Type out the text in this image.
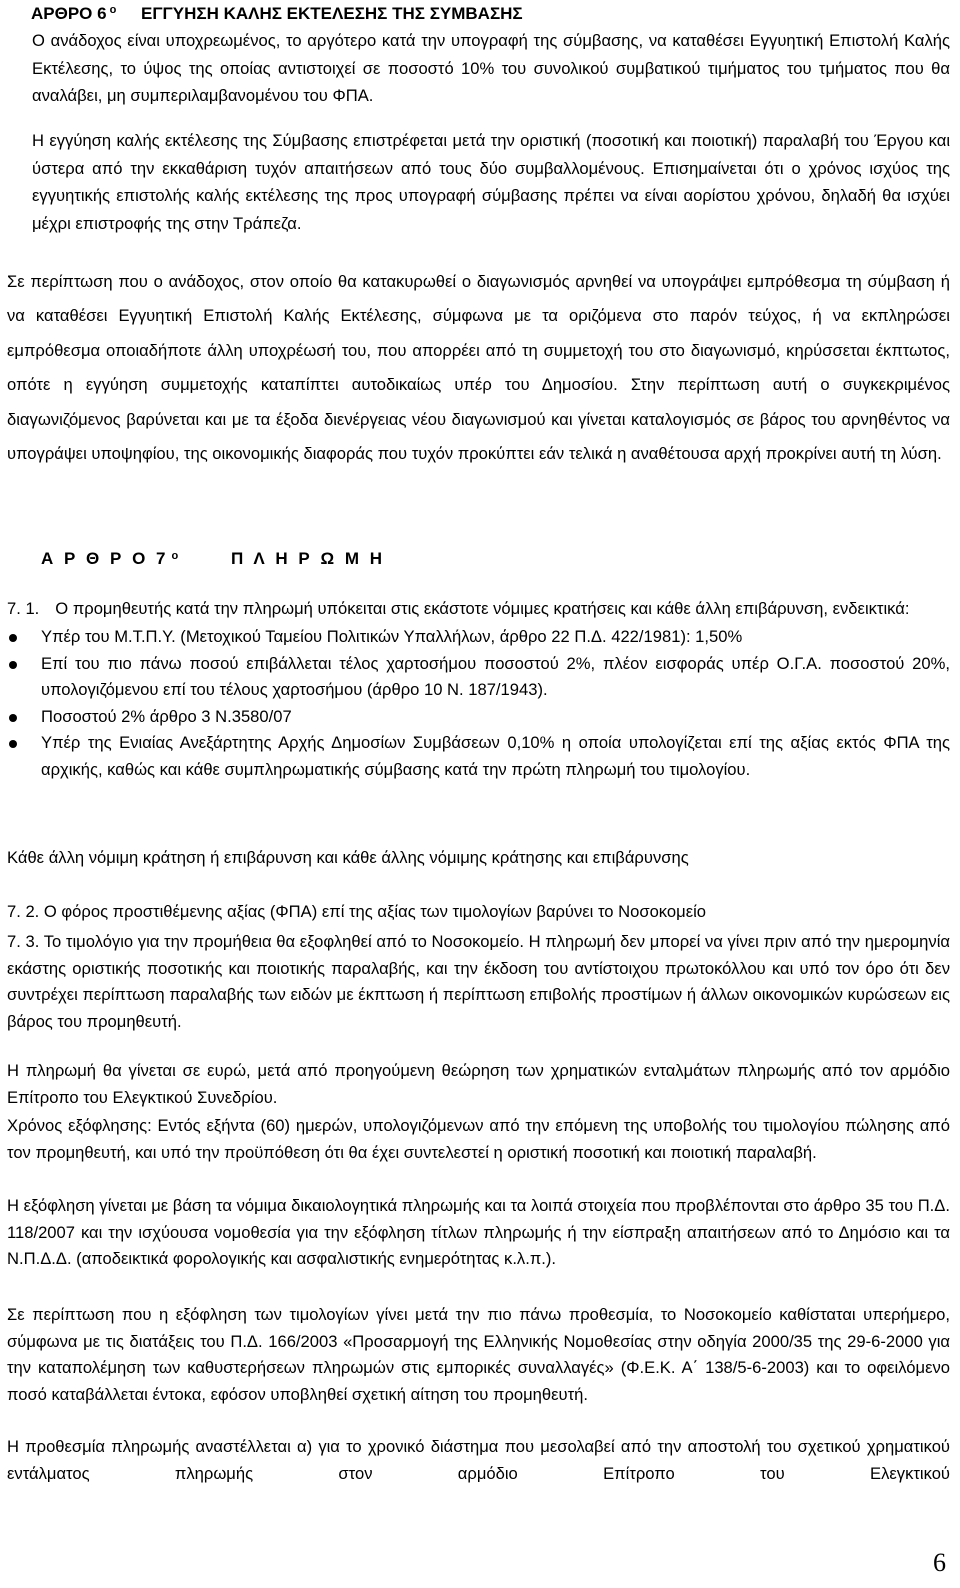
ΑΡΘΡΟ 6 $^o$ ΕΓΓΥΗΣΗ ΚΑΛΗΣ ΕΚΤΕΛΕΣΗΣ ΤΗΣ ΣΥΜΒΑΣΗΣ
Ο ανάδοχος είναι υποχρεωμένος, το αργότερο κατά την υπογραφή της σύμβασης, να καταθέσει Εγγυητική Επιστολή Καλής Εκτέλεσης, το ύψος της οποίας αντιστοιχεί σε ποσοστό 10% του συνολικού συμβατικού τιμήματος του τμήματος που θα αναλάβει, μη συμπεριλαμβανομένου του ΦΠΑ.
Η εγγύηση καλής εκτέλεσης της Σύμβασης επιστρέφεται μετά την οριστική (ποσοτική και ποιοτική) παραλαβή του Έργου και ύστερα από την εκκαθάριση τυχόν απαιτήσεων από τους δύο συμβαλλομένους. Επισημαίνεται ότι ο χρόνος ισχύος της εγγυητικής επιστολής καλής εκτέλεσης της προς υπογραφή σύμβασης πρέπει να είναι αορίστου χρόνου, δηλαδή θα ισχύει μέχρι επιστροφής της στην Τράπεζα.
Σε περίπτωση που ο ανάδοχος, στον οποίο θα κατακυρωθεί ο διαγωνισμός αρνηθεί να υπογράψει εμπρόθεσμα τη σύμβαση ή να καταθέσει Εγγυητική Επιστολή Καλής Εκτέλεσης, σύμφωνα με τα οριζόμενα στο παρόν τεύχος, ή να εκπληρώσει εμπρόθεσμα οποιαδήποτε άλλη υποχρέωσή του, που απορρέει από τη συμμετοχή του στο διαγωνισμό, κηρύσσεται έκπτωτος, οπότε η εγγύηση συμμετοχής καταπίπτει αυτοδικαίως υπέρ του Δημοσίου. Στην περίπτωση αυτή ο συγκεκριμένος διαγωνιζόμενος βαρύνεται και με τα έξοδα διενέργειας νέου διαγωνισμού και γίνεται καταλογισμός σε βάρος του αρνηθέντος να υπογράψει υποψηφίου, της οικονομικής διαφοράς που τυχόν προκύπτει εάν τελικά η αναθέτουσα αρχή προκρίνει αυτή τη λύση.
Α Ρ Θ Ρ Ο 7 $^o$	Π Λ Η Ρ Ω Μ Η
7. 1. Ο προμηθευτής κατά την πληρωμή υπόκειται στις εκάστοτε νόμιμες κρατήσεις και κάθε άλλη επιβάρυνση, ενδεικτικά:
Υπέρ του Μ.Τ.Π.Υ. (Μετοχικού Ταμείου Πολιτικών Υπαλλήλων, άρθρο 22 Π.Δ. 422/1981): 1,50%
Επί του πιο πάνω ποσού επιβάλλεται τέλος χαρτοσήμου ποσοστού 2%, πλέον εισφοράς υπέρ Ο.Γ.Α. ποσοστού 20%, υπολογιζόμενου επί του τέλους χαρτοσήμου (άρθρο 10 Ν. 187/1943).
Ποσοστού 2% άρθρο 3 Ν.3580/07
Υπέρ της Ενιαίας Ανεξάρτητης Αρχής Δημοσίων Συμβάσεων 0,10% η οποία υπολογίζεται επί της αξίας εκτός ΦΠΑ της αρχικής, καθώς και κάθε συμπληρωματικής σύμβασης κατά την πρώτη πληρωμή του τιμολογίου.
Κάθε άλλη νόμιμη κράτηση ή επιβάρυνση και κάθε άλλης νόμιμης κράτησης και επιβάρυνσης
7. 2. Ο φόρος προστιθέμενης αξίας (ΦΠΑ) επί της αξίας των τιμολογίων βαρύνει το Νοσοκομείο
7. 3. Το τιμολόγιο για την προμήθεια θα εξοφληθεί από το Νοσοκομείο. Η πληρωμή δεν μπορεί να γίνει πριν από την ημερομηνία εκάστης οριστικής ποσοτικής και ποιοτικής παραλαβής, και την έκδοση του αντίστοιχου πρωτοκόλλου και υπό τον όρο ότι δεν συντρέχει περίπτωση παραλαβής των ειδών με έκπτωση ή περίπτωση επιβολής προστίμων ή άλλων οικονομικών κυρώσεων εις βάρος του προμηθευτή.
Η πληρωμή θα γίνεται σε ευρώ, μετά από προηγούμενη θεώρηση των χρηματικών ενταλμάτων πληρωμής από τον αρμόδιο Επίτροπο του Ελεγκτικού Συνεδρίου.
Χρόνος εξόφλησης: Εντός εξήντα (60) ημερών, υπολογιζόμενων από την επόμενη της υποβολής του τιμολογίου πώλησης από τον προμηθευτή, και υπό την προϋπόθεση ότι θα έχει συντελεστεί η οριστική ποσοτική και ποιοτική παραλαβή.
Η εξόφληση γίνεται με βάση τα νόμιμα δικαιολογητικά πληρωμής και τα λοιπά στοιχεία που προβλέπονται στο άρθρο 35 του Π.Δ. 118/2007 και την ισχύουσα νομοθεσία για την εξόφληση τίτλων πληρωμής ή την είσπραξη απαιτήσεων από το Δημόσιο και τα Ν.Π.Δ.Δ. (αποδεικτικά φορολογικής και ασφαλιστικής ενημερότητας κ.λ.π.).
Σε περίπτωση που η εξόφληση των τιμολογίων γίνει μετά την πιο πάνω προθεσμία, το Νοσοκομείο καθίσταται υπερήμερο, σύμφωνα με τις διατάξεις του Π.Δ. 166/2003 «Προσαρμογή της Ελληνικής Νομοθεσίας στην οδηγία 2000/35 της 29-6-2000 για την καταπολέμηση των καθυστερήσεων πληρωμών στις εμπορικές συναλλαγές» (Φ.Ε.Κ. Α΄ 138/5-6-2003) και το οφειλόμενο ποσό καταβάλλεται έντοκα, εφόσον υποβληθεί σχετική αίτηση του προμηθευτή.
Η προθεσμία πληρωμής αναστέλλεται α) για το χρονικό διάστημα που μεσολαβεί από την αποστολή του σχετικού χρηματικού εντάλματος πληρωμής στον αρμόδιο Επίτροπο του Ελεγκτικού
6
